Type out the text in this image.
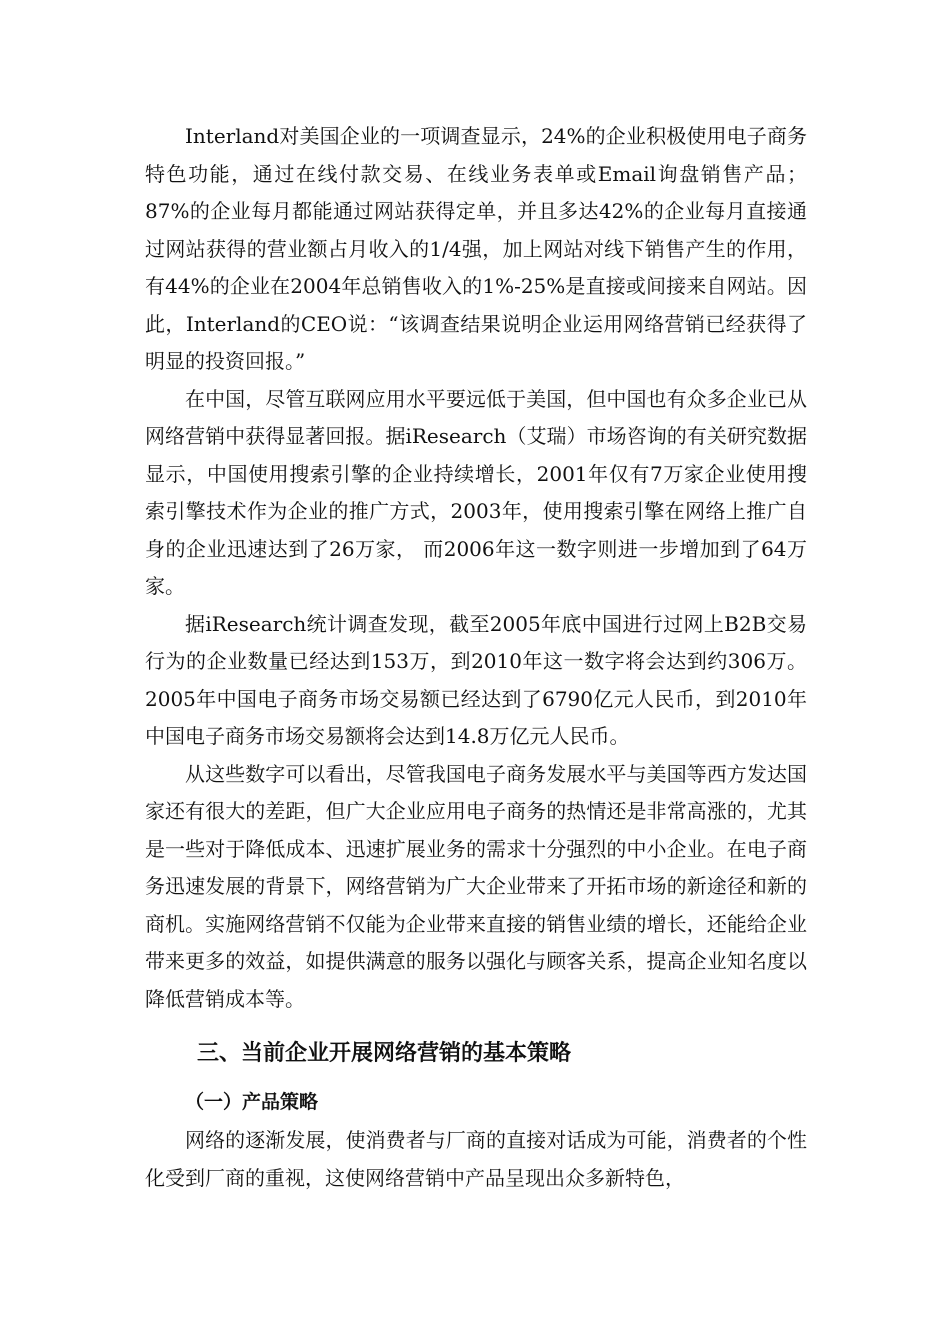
Interland对美国企业的一项调查显示，24%的企业积极使用电子商务特色功能，通过在线付款交易、在线业务表单或Email询盘销售产品；87%的企业每月都能通过网站获得定单，并且多达42%的企业每月直接通过网站获得的营业额占月收入的1/4强，加上网站对线下销售产生的作用，有44%的企业在2004年总销售收入的1%-25%是直接或间接来自网站。因此，Interland的CEO说：“该调查结果说明企业运用网络营销已经获得了明显的投资回报。”

在中国，尽管互联网应用水平要远低于美国，但中国也有众多企业已从网络营销中获得显著回报。据iResearch（艾瑞）市场咨询的有关研究数据显示，中国使用搜索引擎的企业持续增长，2001年仅有7万家企业使用搜索引擎技术作为企业的推广方式，2003年，使用搜索引擎在网络上推广自身的企业迅速达到了26万家， 而2006年这一数字则进一步增加到了64万家。

据iResearch统计调查发现，截至2005年底中国进行过网上B2B交易行为的企业数量已经达到153万，到2010年这一数字将会达到约306万。2005年中国电子商务市场交易额已经达到了6790亿元人民币，到2010年中国电子商务市场交易额将会达到14.8万亿元人民币。

从这些数字可以看出，尽管我国电子商务发展水平与美国等西方发达国家还有很大的差距，但广大企业应用电子商务的热情还是非常高涨的，尤其是一些对于降低成本、迅速扩展业务的需求十分强烈的中小企业。在电子商务迅速发展的背景下，网络营销为广大企业带来了开拓市场的新途径和新的商机。实施网络营销不仅能为企业带来直接的销售业绩的增长，还能给企业带来更多的效益，如提供满意的服务以强化与顾客关系，提高企业知名度以降低营销成本等。

三、当前企业开展网络营销的基本策略
（一）产品策略

网络的逐渐发展，使消费者与厂商的直接对话成为可能，消费者的个性化受到厂商的重视，这使网络营销中产品呈现出众多新特色，
